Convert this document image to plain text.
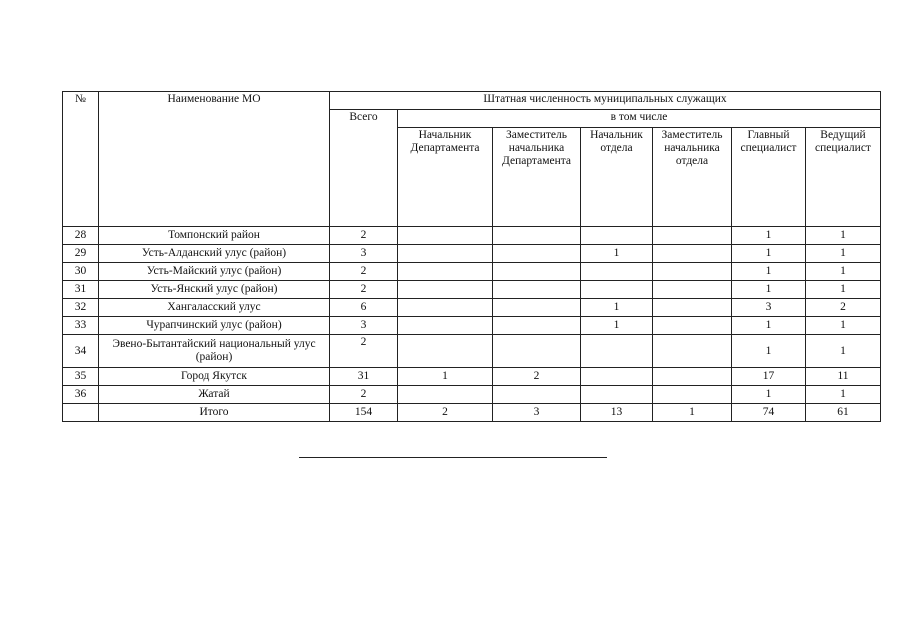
№	Наименование МО	Штатная численность муниципальных служащих						
		Всего	в том числе					
			Начальник Департамента	Заместитель начальника Департамента	Начальник отдела	Заместитель начальника отдела	Главный специалист	Ведущий специалист
28	Томпонский район	2					1	1
29	Усть-Алданский улус (район)	3			1		1	1
30	Усть-Майский улус (район)	2					1	1
31	Усть-Янский улус (район)	2					1	1
32	Хангаласский улус	6			1		3	2
33	Чурапчинский улус (район)	3			1		1	1
34	Эвено-Бытантайский национальный улус (район)	2					1	1
35	Город Якутск	31	1	2			17	11
36	Жатай	2					1	1
	Итого	154	2	3	13	1	74	61
